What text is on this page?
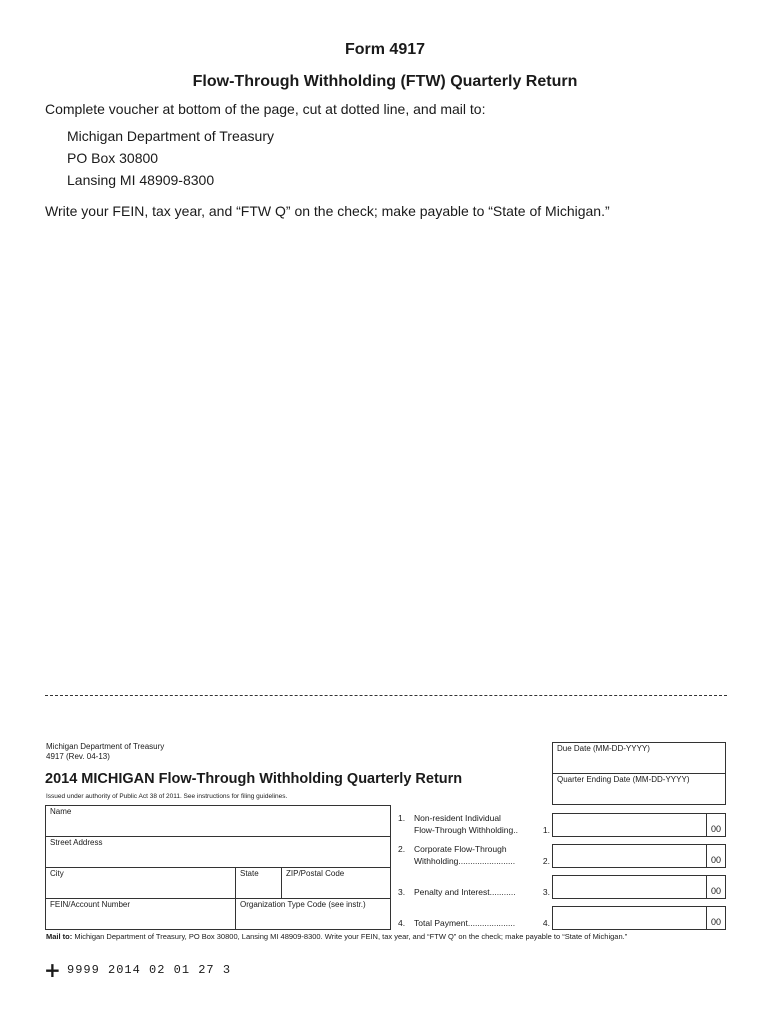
Form 4917
Flow-Through Withholding (FTW) Quarterly Return
Complete voucher at bottom of the page, cut at dotted line, and mail to:
Michigan Department of Treasury
PO Box 30800
Lansing MI 48909-8300
Write your FEIN, tax year, and “FTW Q” on the check; make payable to “State of Michigan.”
Michigan Department of Treasury
4917 (Rev. 04-13)
2014 MICHIGAN Flow-Through Withholding Quarterly Return
Issued under authority of Public Act 38 of 2011. See instructions for filing guidelines.
Name
Street Address
City	State	ZIP/Postal Code
FEIN/Account Number	Organization Type Code (see instr.)
Due Date (MM-DD-YYYY)
Quarter Ending Date (MM-DD-YYYY)
1. Non-resident Individual
Flow-Through Withholding..	1.	00
2. Corporate Flow-Through
Withholding........................	2.	00
3. Penalty and Interest...........	3.	00
4. Total Payment....................	4.	00
Mail to: Michigan Department of Treasury, PO Box 30800, Lansing MI 48909-8300. Write your FEIN, tax year, and “FTW Q” on the check; make payable to “State of Michigan.”
+ 9999 2014 02 01 27 3
